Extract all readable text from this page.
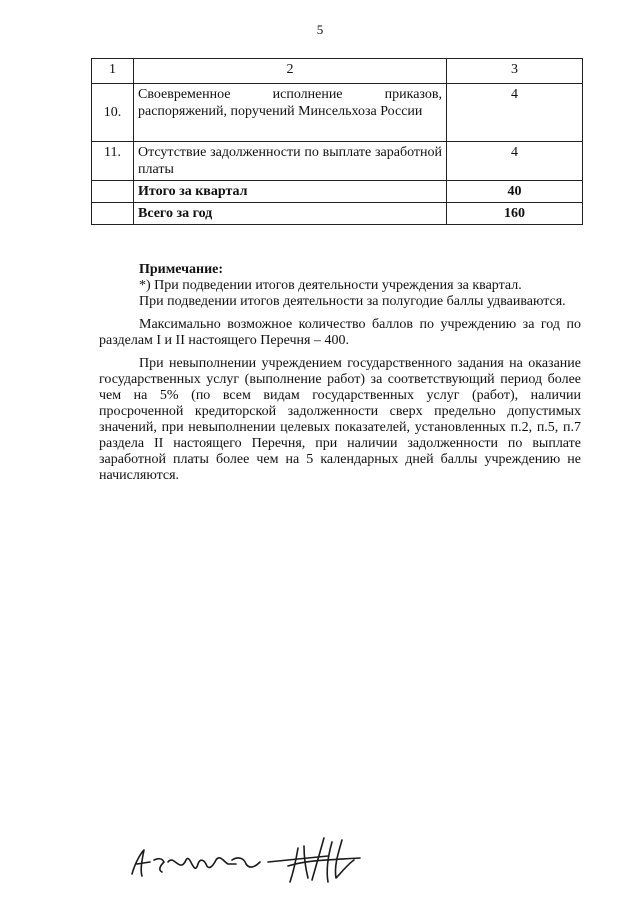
5
1	2	3
10.	Своевременное исполнение приказов, распоряжений, поручений Минсельхоза России	4
11.	Отсутствие задолженности по выплате заработной платы	4
	Итого за квартал	40
	Всего за год	160

Примечание:

*) При подведении итогов деятельности учреждения за квартал.

При подведении итогов деятельности за полугодие баллы удваиваются.

Максимально возможное количество баллов по учреждению за год по разделам I и II настоящего Перечня – 400.

При невыполнении учреждением государственного задания на оказание государственных услуг (выполнение работ) за соответствующий период более чем на 5% (по всем видам государственных услуг (работ), наличии просроченной кредиторской задолженности сверх предельно допустимых значений, при невыполнении целевых показателей, установленных п.2, п.5, п.7 раздела II настоящего Перечня, при наличии задолженности по выплате заработной платы более чем на 5 календарных дней баллы учреждению не начисляются.
